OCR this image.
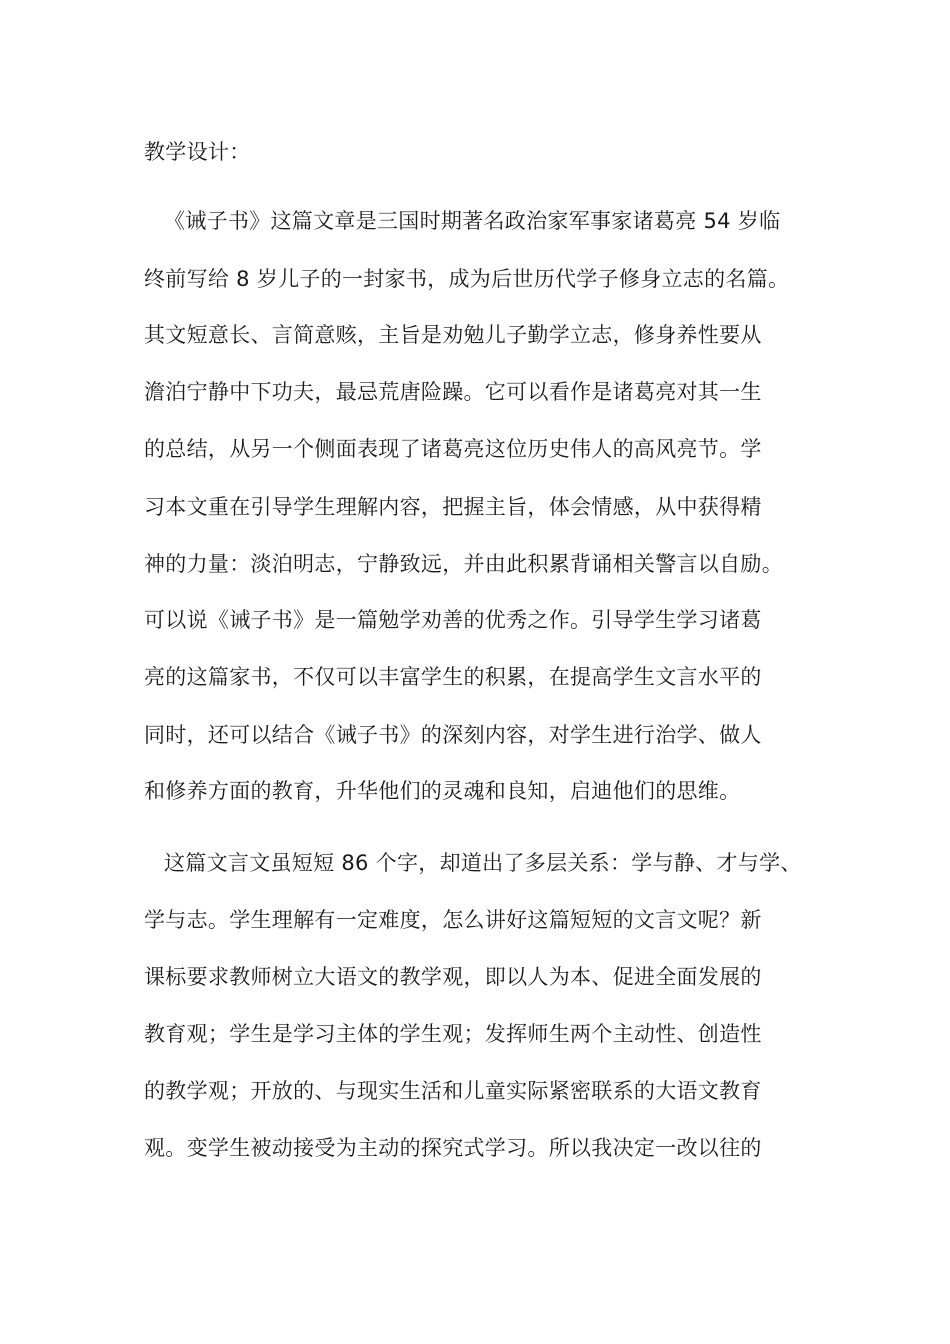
教学设计：
《诫子书》这篇文章是三国时期著名政治家军事家诸葛亮 54 岁临
终前写给 8 岁儿子的一封家书，成为后世历代学子修身立志的名篇。
其文短意长、言简意赅，主旨是劝勉儿子勤学立志，修身养性要从
澹泊宁静中下功夫，最忌荒唐险躁。它可以看作是诸葛亮对其一生
的总结，从另一个侧面表现了诸葛亮这位历史伟人的高风亮节。学
习本文重在引导学生理解内容，把握主旨，体会情感，从中获得精
神的力量：淡泊明志，宁静致远，并由此积累背诵相关警言以自励。
可以说《诫子书》是一篇勉学劝善的优秀之作。引导学生学习诸葛
亮的这篇家书，不仅可以丰富学生的积累，在提高学生文言水平的
同时，还可以结合《诫子书》的深刻内容，对学生进行治学、做人
和修养方面的教育，升华他们的灵魂和良知，启迪他们的思维。
这篇文言文虽短短 86 个字，却道出了多层关系：学与静、才与学、
学与志。学生理解有一定难度，怎么讲好这篇短短的文言文呢？新
课标要求教师树立大语文的教学观，即以人为本、促进全面发展的
教育观；学生是学习主体的学生观；发挥师生两个主动性、创造性
的教学观；开放的、与现实生活和儿童实际紧密联系的大语文教育
观。变学生被动接受为主动的探究式学习。所以我决定一改以往的
